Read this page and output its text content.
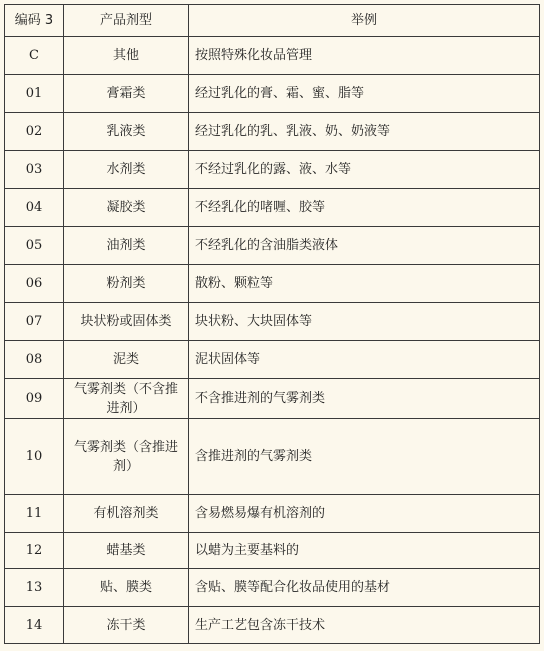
编码 3	产品剂型	举例
C	其他	按照特殊化妆品管理
01	膏霜类	经过乳化的膏、霜、蜜、脂等
02	乳液类	经过乳化的乳、乳液、奶、奶液等
03	水剂类	不经过乳化的露、液、水等
04	凝胶类	不经乳化的啫喱、胶等
05	油剂类	不经乳化的含油脂类液体
06	粉剂类	散粉、颗粒等
07	块状粉或固体类	块状粉、大块固体等
08	泥类	泥状固体等
09	气雾剂类（不含推进剂）	不含推进剂的气雾剂类
10	气雾剂类（含推进剂）	含推进剂的气雾剂类
11	有机溶剂类	含易燃易爆有机溶剂的
12	蜡基类	以蜡为主要基料的
13	贴、膜类	含贴、膜等配合化妆品使用的基材
14	冻干类	生产工艺包含冻干技术
